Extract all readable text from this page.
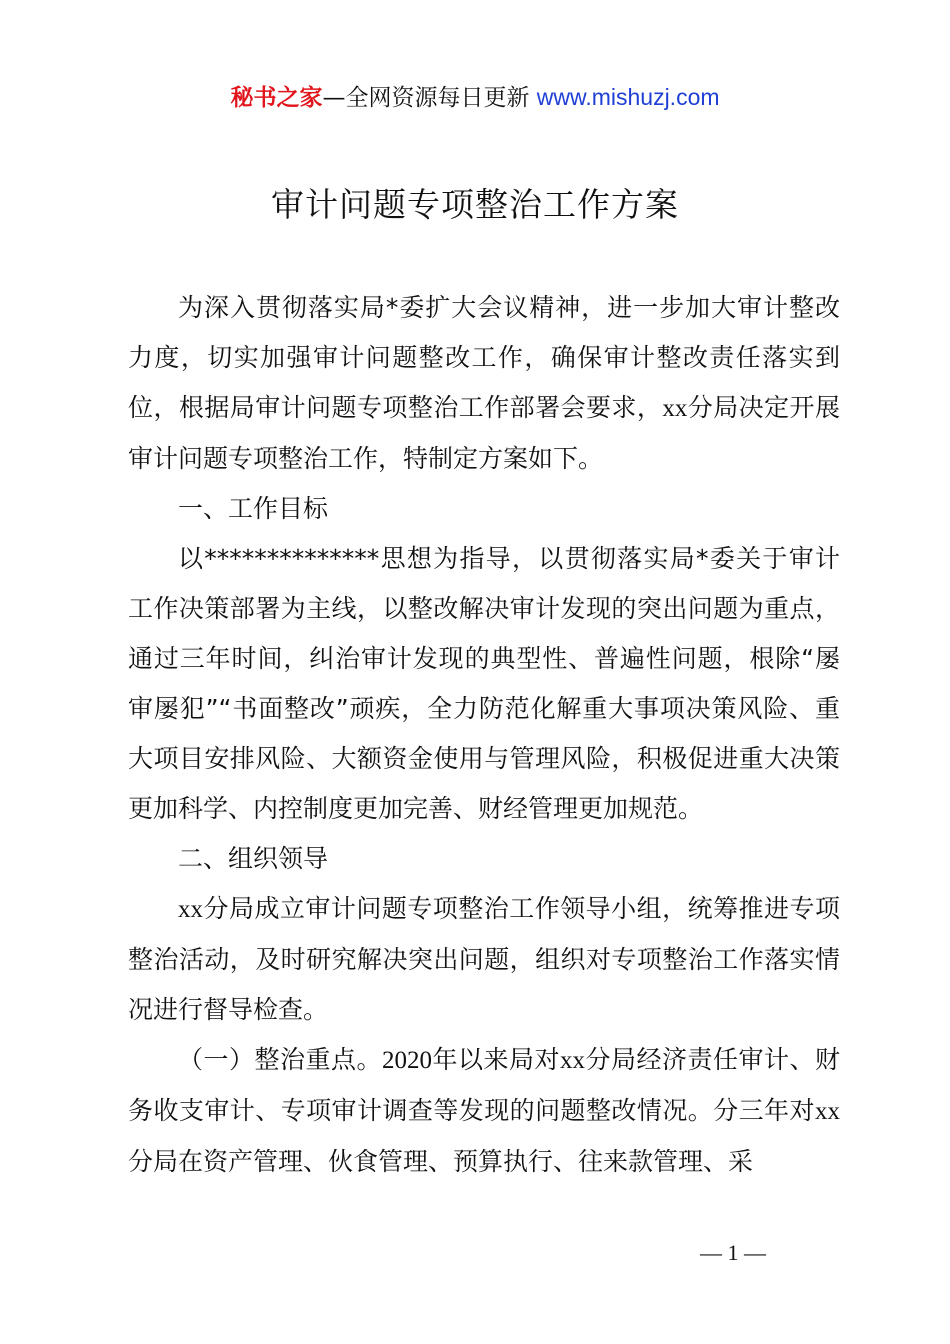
秘书之家—全网资源每日更新 www.mishuzj.com
审计问题专项整治工作方案

为深入贯彻落实局*委扩大会议精神，进一步加大审计整改力度，切实加强审计问题整改工作，确保审计整改责任落实到位，根据局审计问题专项整治工作部署会要求，xx分局决定开展审计问题专项整治工作，特制定方案如下。

一、工作目标

以**************思想为指导，以贯彻落实局*委关于审计工作决策部署为主线，以整改解决审计发现的突出问题为重点，通过三年时间，纠治审计发现的典型性、普遍性问题，根除“屡审屡犯”“书面整改”顽疾，全力防范化解重大事项决策风险、重大项目安排风险、大额资金使用与管理风险，积极促进重大决策更加科学、内控制度更加完善、财经管理更加规范。

二、组织领导

xx分局成立审计问题专项整治工作领导小组，统筹推进专项整治活动，及时研究解决突出问题，组织对专项整治工作落实情况进行督导检查。

（一）整治重点。2020年以来局对xx分局经济责任审计、财务收支审计、专项审计调查等发现的问题整改情况。分三年对xx分局在资产管理、伙食管理、预算执行、往来款管理、采

— 1 —
